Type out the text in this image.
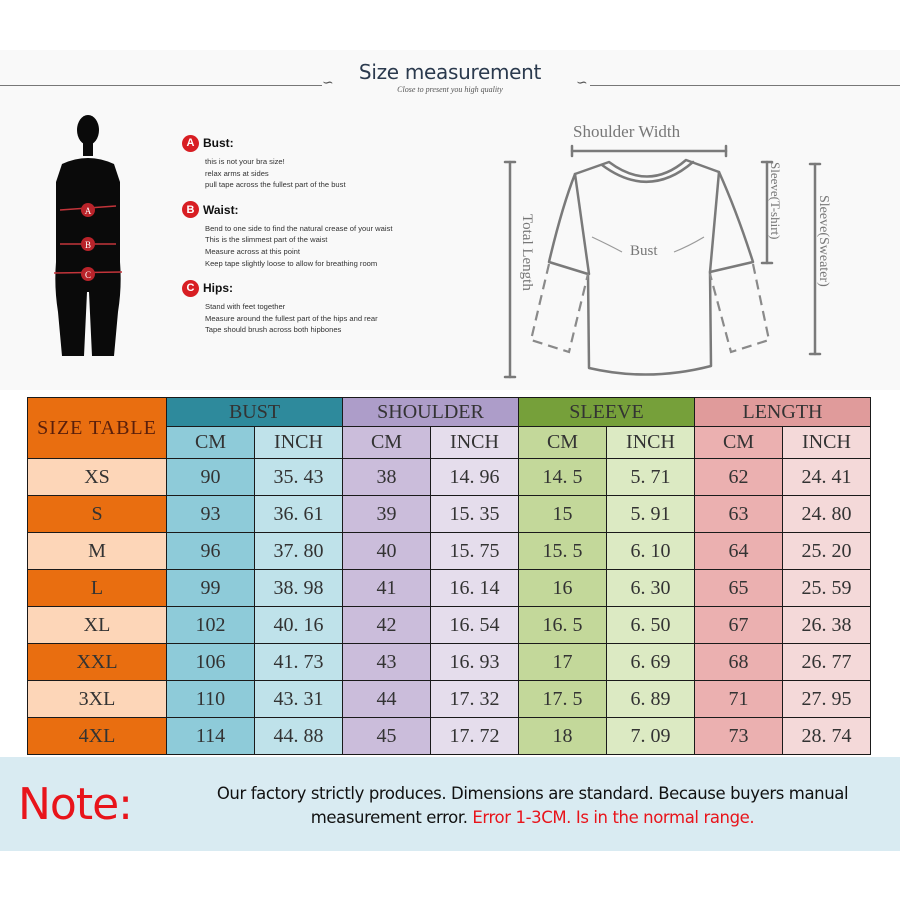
Size measurement
Close to present you high quality
∽	∽
A
B
C
A Bust:
this is not your bra size!
relax arms at sides
pull tape across the fullest part of the bust
B Waist:
Bend to one side to find the natural crease of your waist
This is the slimmest part of the waist
Measure across at this point
Keep tape slightly loose to allow for breathing room
C Hips:
Stand with feet together
Measure around the fullest part of the hips and rear
Tape should brush across both hipbones
Shoulder Width
Bust
Total Length
Sleeve(T-shirt) Sleeve(Sweater)
SIZE TABLE	BUST		SHOULDER		SLEEVE		LENGTH	
	CM	INCH	CM	INCH	CM	INCH	CM	INCH
XS	90	35. 43	38	14. 96	14. 5	5. 71	62	24. 41
S	93	36. 61	39	15. 35	15	5. 91	63	24. 80
M	96	37. 80	40	15. 75	15. 5	6. 10	64	25. 20
L	99	38. 98	41	16. 14	16	6. 30	65	25. 59
XL	102	40. 16	42	16. 54	16. 5	6. 50	67	26. 38
XXL	106	41. 73	43	16. 93	17	6. 69	68	26. 77
3XL	110	43. 31	44	17. 32	17. 5	6. 89	71	27. 95
4XL	114	44. 88	45	17. 72	18	7. 09	73	28. 74
Note:	Our factory strictly produces. Dimensions are standard. Because buyers manual
measurement error. Error 1-3CM. Is in the normal range.
